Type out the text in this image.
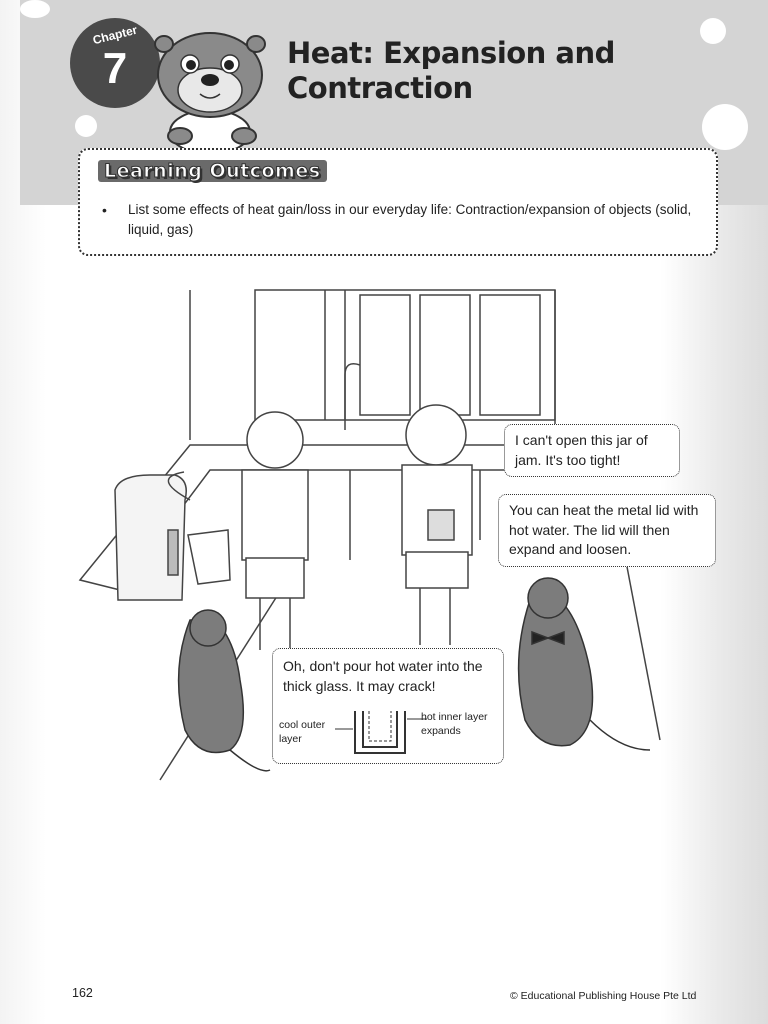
Chapter
7	Heat: Expansion and
Contraction
Learning Outcomes
• List some effects of heat gain/loss in our everyday life: Contraction/expansion of objects (solid, liquid, gas)
I can't open this jar of jam. It's too tight!
You can heat the metal lid with hot water. The lid will then expand and loosen.
Oh, don't pour hot water into the thick glass. It may crack!
cool outer layer
hot inner layer expands
162	© Educational Publishing House Pte Ltd
